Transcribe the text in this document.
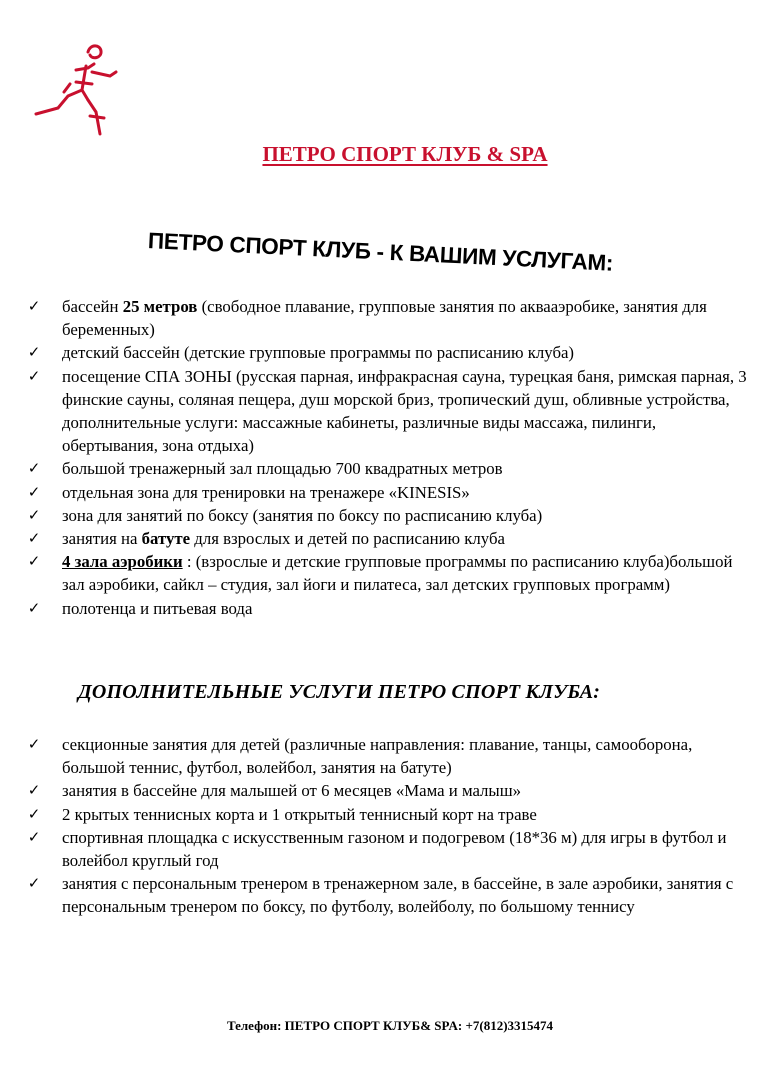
ПЕТРО СПОРТ КЛУБ & SPA
ПЕТРО СПОРТ КЛУБ - К ВАШИМ УСЛУГАМ:
✓ бассейн 25 метров (свободное плавание, групповые занятия по аквааэробике, занятия для беременных)
✓ детский бассейн (детские групповые программы по расписанию клуба)
✓ посещение СПА ЗОНЫ (русская парная, инфракрасная сауна, турецкая баня, римская парная, 3 финские сауны, соляная пещера, душ морской бриз, тропический душ, обливные устройства, дополнительные услуги: массажные кабинеты, различные виды массажа, пилинги, обертывания, зона отдыха)
✓ большой тренажерный зал площадью 700 квадратных метров
✓ отдельная зона для тренировки на тренажере «KINESIS»
✓ зона для занятий по боксу (занятия по боксу по расписанию клуба)
✓ занятия на батуте для взрослых и детей по расписанию клуба
✓ 4 зала аэробики : (взрослые и детские групповые программы по расписанию клуба)большой зал аэробики, сайкл – студия, зал йоги и пилатеса, зал детских групповых программ)
✓ полотенца и питьевая вода
ДОПОЛНИТЕЛЬНЫЕ УСЛУГИ ПЕТРО СПОРТ КЛУБА:
✓ секционные занятия для детей (различные направления: плавание, танцы, самооборона, большой теннис, футбол, волейбол, занятия на батуте)
✓ занятия в бассейне для малышей от 6 месяцев «Мама и малыш»
✓ 2 крытых теннисных корта и 1 открытый теннисный корт на траве
✓ спортивная площадка с искусственным газоном и подогревом (18*36 м) для игры в футбол и волейбол круглый год
✓ занятия с персональным тренером в тренажерном зале, в бассейне, в зале аэробики, занятия с персональным тренером по боксу, по футболу, волейболу, по большому теннису
Телефон: ПЕТРО СПОРТ КЛУБ& SPA: +7(812)3315474
